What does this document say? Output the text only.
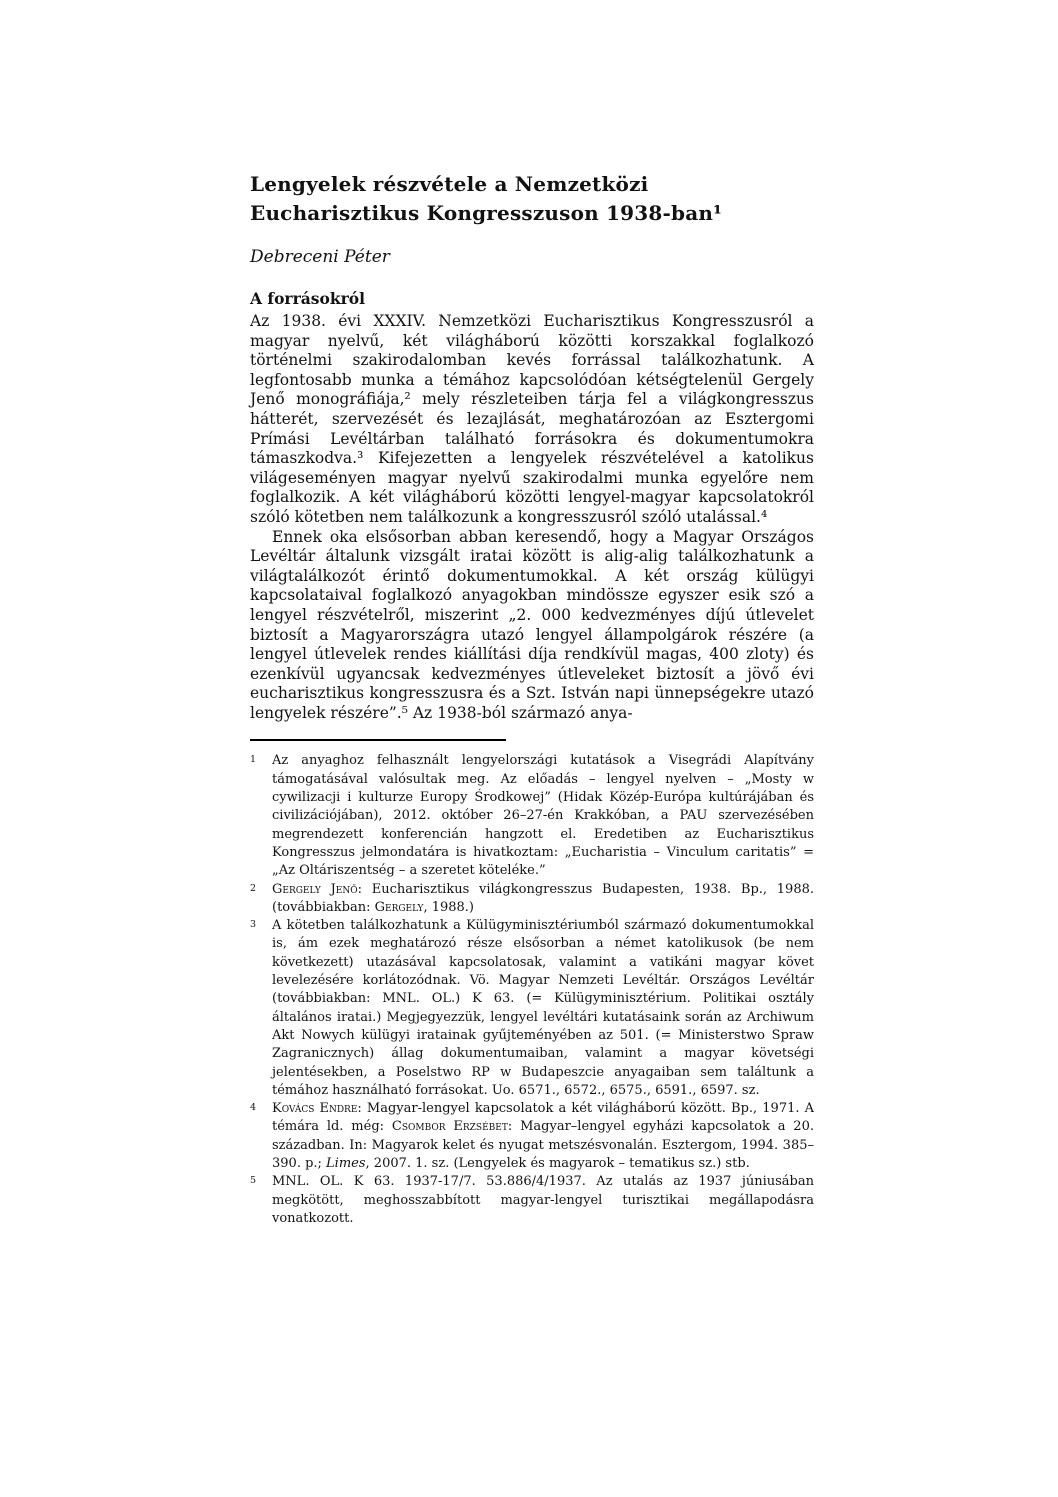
Lengyelek részvétele a Nemzetközi Eucharisztikus Kongresszuson 1938-ban¹

Debreceni Péter

A forrásokról

Az 1938. évi XXXIV. Nemzetközi Eucharisztikus Kongresszusról a magyar nyelvű, két világháború közötti korszakkal foglalkozó történelmi szakirodalomban kevés forrással találkozhatunk. A legfontosabb munka a témához kapcsolódóan kétségtelenül Gergely Jenő monográfiája,² mely részleteiben tárja fel a világkongresszus hátterét, szervezését és lezajlását, meghatározóan az Esztergomi Prímási Levéltárban található forrásokra és dokumentumokra támaszkodva.³ Kifejezetten a lengyelek részvételével a katolikus világeseményen magyar nyelvű szakirodalmi munka egyelőre nem foglalkozik. A két világháború közötti lengyel-magyar kapcsolatokról szóló kötetben nem találkozunk a kongresszusról szóló utalással.⁴

Ennek oka elsősorban abban keresendő, hogy a Magyar Országos Levéltár általunk vizsgált iratai között is alig-alig találkozhatunk a világtalálkozót érintő dokumentumokkal. A két ország külügyi kapcsolataival foglalkozó anyagokban mindössze egyszer esik szó a lengyel részvételről, miszerint „2. 000 kedvezményes díjú útlevelet biztosít a Magyarországra utazó lengyel állampolgárok részére (a lengyel útlevelek rendes kiállítási díja rendkívül magas, 400 zloty) és ezenkívül ugyancsak kedvezményes útleveleket biztosít a jövő évi eucharisztikus kongresszusra és a Szt. István napi ünnepségekre utazó lengyelek részére”.⁵ Az 1938-ból származó anya-

1	Az anyaghoz felhasznált lengyelországi kutatások a Visegrádi Alapítvány támogatásával valósultak meg. Az előadás – lengyel nyelven – „Mosty w cywilizacji i kulturze Europy Środkowej” (Hidak Közép-Európa kultúrájában és civilizációjában), 2012. október 26–27-én Krakkóban, a PAU szervezésében megrendezett konferencián hangzott el. Eredetiben az Eucharisztikus Kongresszus jelmondatára is hivatkoztam: „Eucharistia – Vinculum caritatis” = „Az Oltáriszentség – a szeretet köteléke.”
2	Gergely Jenő: Eucharisztikus világkongresszus Budapesten, 1938. Bp., 1988. (továbbiakban: Gergely, 1988.)
3	A kötetben találkozhatunk a Külügyminisztériumból származó dokumentumokkal is, ám ezek meghatározó része elsősorban a német katolikusok (be nem következett) utazásával kapcsolatosak, valamint a vatikáni magyar követ levelezésére korlátozódnak. Vö. Magyar Nemzeti Levéltár. Országos Levéltár (továbbiakban: MNL. OL.) K 63. (= Külügyminisztérium. Politikai osztály általános iratai.) Megjegyezzük, lengyel levéltári kutatásaink során az Archiwum Akt Nowych külügyi iratainak gyűjteményében az 501. (= Ministerstwo Spraw Zagranicznych) állag dokumentumaiban, valamint a magyar követségi jelentésekben, a Poselstwo RP w Budapeszcie anyagaiban sem találtunk a témához használható forrásokat. Uo. 6571., 6572., 6575., 6591., 6597. sz.
4	Kovács Endre: Magyar-lengyel kapcsolatok a két világháború között. Bp., 1971. A témára ld. még: Csombor Erzsébet: Magyar–lengyel egyházi kapcsolatok a 20. században. In: Magyarok kelet és nyugat metszésvonalán. Esztergom, 1994. 385–390. p.; Limes, 2007. 1. sz. (Lengyelek és magyarok – tematikus sz.) stb.
5	MNL. OL. K 63. 1937-17/7. 53.886/4/1937. Az utalás az 1937 júniusában megkötött, meghosszabbított magyar-lengyel turisztikai megállapodásra vonatkozott.
